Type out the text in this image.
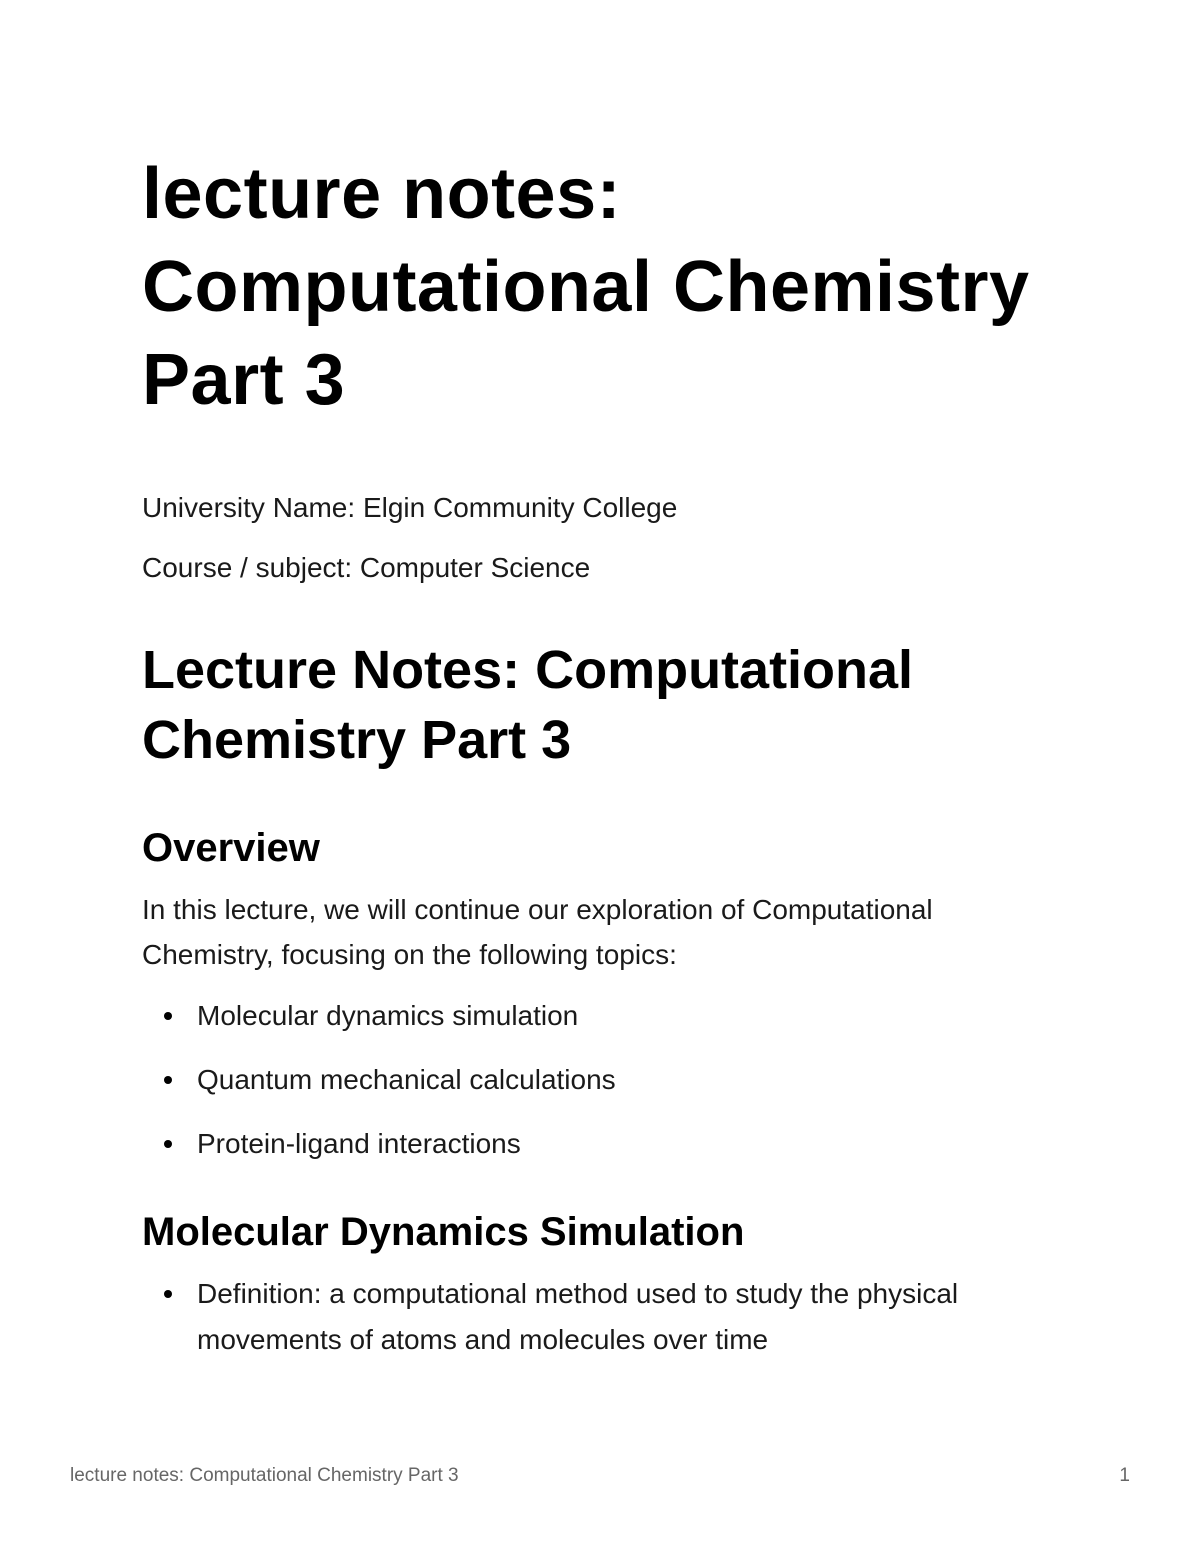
lecture notes:
Computational Chemistry
Part 3

University Name: Elgin Community College

Course / subject: Computer Science

Lecture Notes: Computational
Chemistry Part 3
Overview

In this lecture, we will continue our exploration of Computational
Chemistry, focusing on the following topics:

Molecular dynamics simulation
Quantum mechanical calculations
Protein-ligand interactions
Molecular Dynamics Simulation
Definition: a computational method used to study the physical
movements of atoms and molecules over time
lecture notes: Computational Chemistry Part 3	1
